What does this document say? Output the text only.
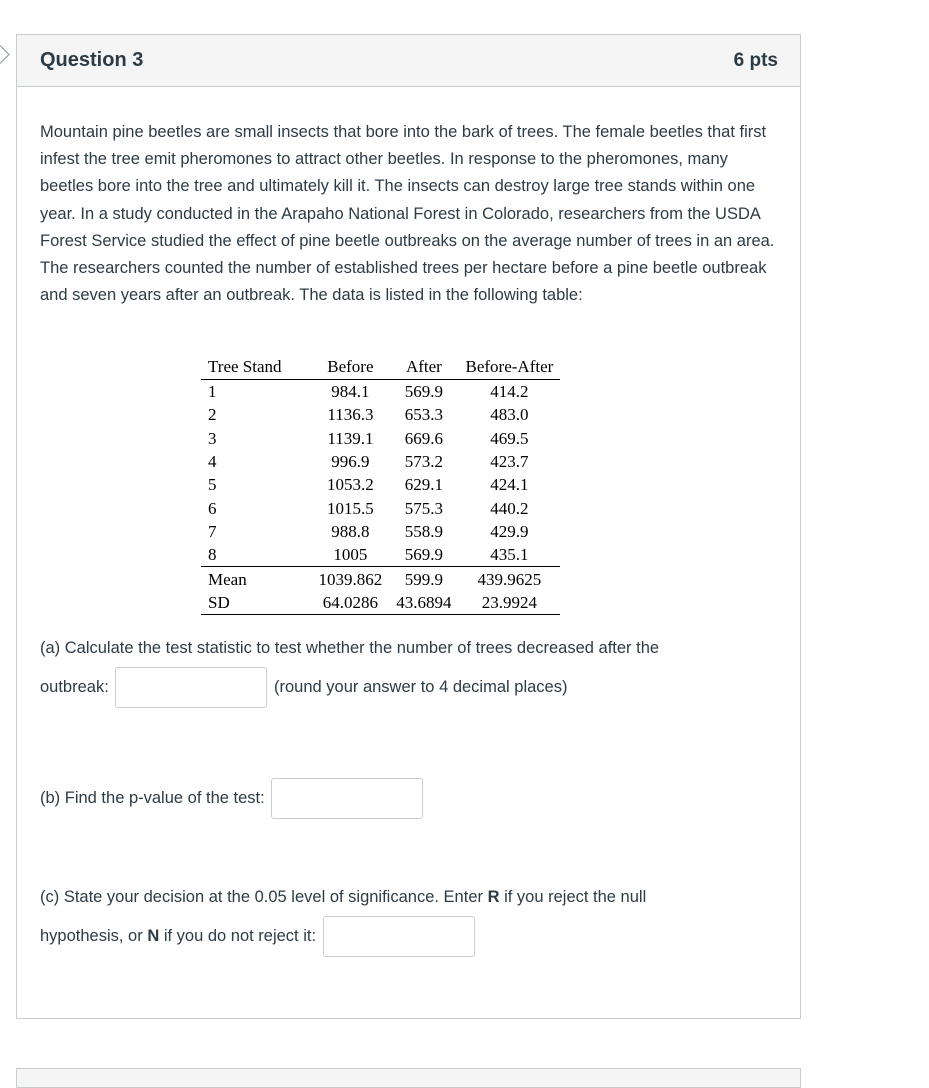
Question 3	6 pts
Mountain pine beetles are small insects that bore into the bark of trees. The female beetles that first infest the tree emit pheromones to attract other beetles. In response to the pheromones, many beetles bore into the tree and ultimately kill it. The insects can destroy large tree stands within one year. In a study conducted in the Arapaho National Forest in Colorado, researchers from the USDA Forest Service studied the effect of pine beetle outbreaks on the average number of trees in an area. The researchers counted the number of established trees per hectare before a pine beetle outbreak and seven years after an outbreak. The data is listed in the following table:
Tree Stand	Before	After	Before-After
1	984.1	569.9	414.2
2	1136.3	653.3	483.0
3	1139.1	669.6	469.5
4	996.9	573.2	423.7
5	1053.2	629.1	424.1
6	1015.5	575.3	440.2
7	988.8	558.9	429.9
8	1005	569.9	435.1
Mean	1039.862	599.9	439.9625
SD	64.0286	43.6894	23.9924
(a) Calculate the test statistic to test whether the number of trees decreased after the
outbreak:	(round your answer to 4 decimal places)
(b) Find the p-value of the test:
(c) State your decision at the 0.05 level of significance. Enter R if you reject the null
hypothesis, or N if you do not reject it:
